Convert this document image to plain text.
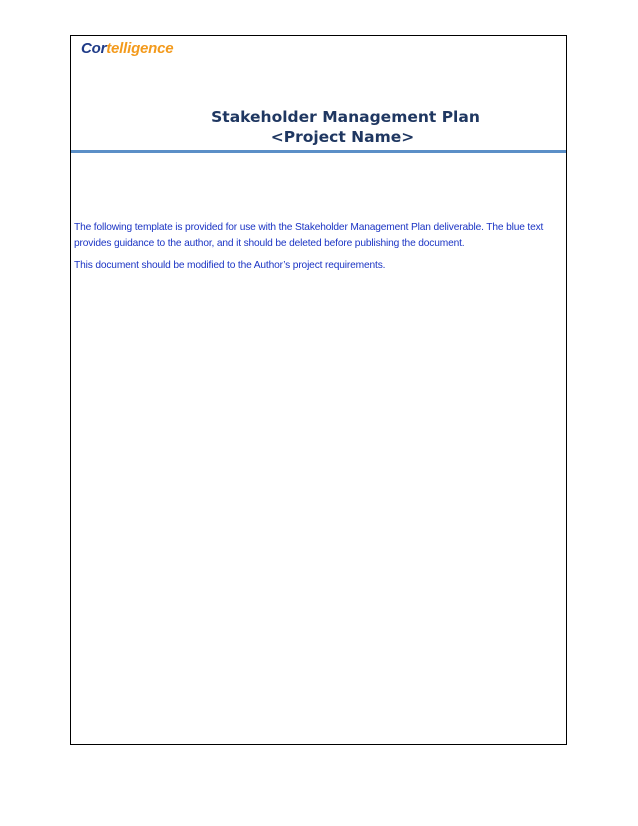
Cortelligence
Stakeholder Management Plan
<Project Name>

The following template is provided for use with the Stakeholder Management Plan deliverable. The blue text provides guidance to the author, and it should be deleted before publishing the document.

This document should be modified to the Author’s project requirements.
